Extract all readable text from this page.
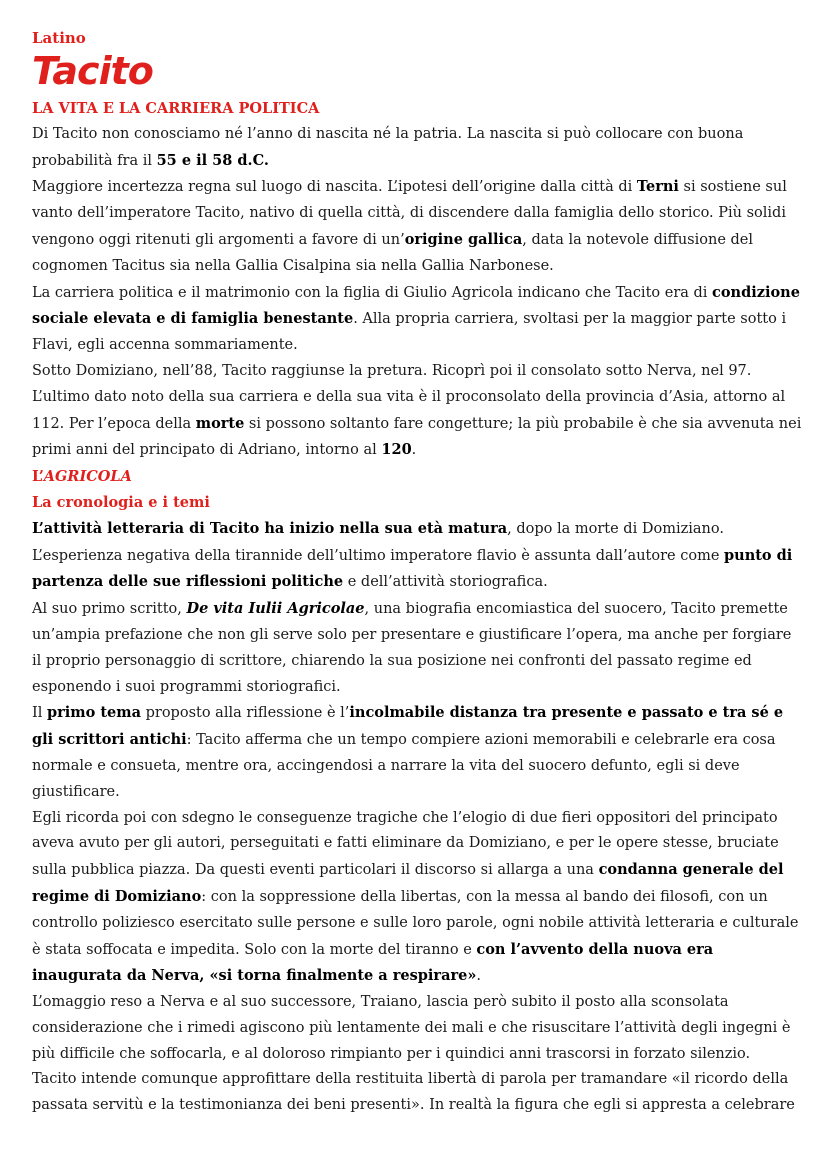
Latino
Tacito
LA VITA E LA CARRIERA POLITICA

Di Tacito non conosciamo né l’anno di nascita né la patria. La nascita si può collocare con buona probabilità fra il 55 e il 58 d.C.

Maggiore incertezza regna sul luogo di nascita. L’ipotesi dell’origine dalla città di Terni si sostiene sul vanto dell’imperatore Tacito, nativo di quella città, di discendere dalla famiglia dello storico. Più solidi vengono oggi ritenuti gli argomenti a favore di un’origine gallica, data la notevole diffusione del cognomen Tacitus sia nella Gallia Cisalpina sia nella Gallia Narbonese.

La carriera politica e il matrimonio con la figlia di Giulio Agricola indicano che Tacito era di condizione sociale elevata e di famiglia benestante. Alla propria carriera, svoltasi per la maggior parte sotto i Flavi, egli accenna sommariamente.

Sotto Domiziano, nell’88, Tacito raggiunse la pretura. Ricoprì poi il consolato sotto Nerva, nel 97.

L’ultimo dato noto della sua carriera e della sua vita è il proconsolato della provincia d’Asia, attorno al 112. Per l’epoca della morte si possono soltanto fare congetture; la più probabile è che sia avvenuta nei primi anni del principato di Adriano, intorno al 120.

L’AGRICOLA
La cronologia e i temi

L’attività letteraria di Tacito ha inizio nella sua età matura, dopo la morte di Domiziano.

L’esperienza negativa della tirannide dell’ultimo imperatore flavio è assunta dall’autore come punto di partenza delle sue riflessioni politiche e dell’attività storiografica.

Al suo primo scritto, De vita Iulii Agricolae, una biografia encomiastica del suocero, Tacito premette un’ampia prefazione che non gli serve solo per presentare e giustificare l’opera, ma anche per forgiare il proprio personaggio di scrittore, chiarendo la sua posizione nei confronti del passato regime ed esponendo i suoi programmi storiografici.

Il primo tema proposto alla riflessione è l’incolmabile distanza tra presente e passato e tra sé e gli scrittori antichi: Tacito afferma che un tempo compiere azioni memorabili e celebrarle era cosa normale e consueta, mentre ora, accingendosi a narrare la vita del suocero defunto, egli si deve giustificare.

Egli ricorda poi con sdegno le conseguenze tragiche che l’elogio di due fieri oppositori del principato aveva avuto per gli autori, perseguitati e fatti eliminare da Domiziano, e per le opere stesse, bruciate sulla pubblica piazza. Da questi eventi particolari il discorso si allarga a una condanna generale del regime di Domiziano: con la soppressione della libertas, con la messa al bando dei filosofi, con un controllo poliziesco esercitato sulle persone e sulle loro parole, ogni nobile attività letteraria e culturale è stata soffocata e impedita. Solo con la morte del tiranno e con l’avvento della nuova era inaugurata da Nerva, «si torna finalmente a respirare».

L’omaggio reso a Nerva e al suo successore, Traiano, lascia però subito il posto alla sconsolata considerazione che i rimedi agiscono più lentamente dei mali e che risuscitare l’attività degli ingegni è più difficile che soffocarla, e al doloroso rimpianto per i quindici anni trascorsi in forzato silenzio.

Tacito intende comunque approfittare della restituita libertà di parola per tramandare «il ricordo della passata servitù e la testimonianza dei beni presenti». In realtà la figura che egli si appresta a celebrare
